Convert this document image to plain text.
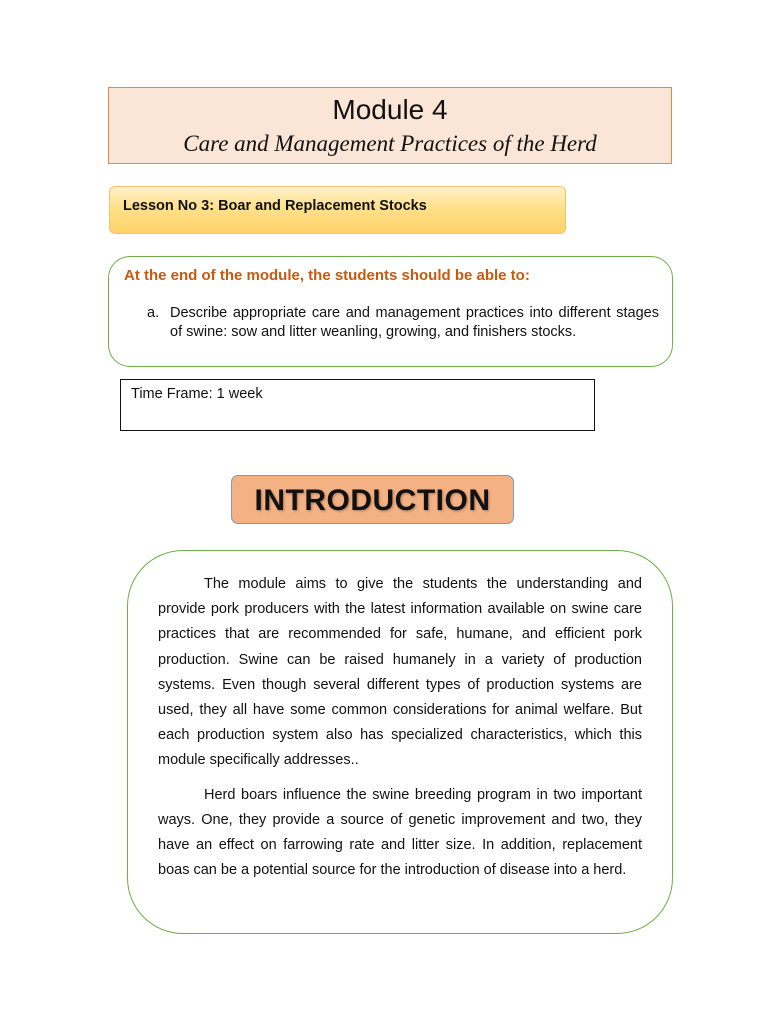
Module 4
Care and Management Practices of the Herd
Lesson No 3: Boar and Replacement Stocks
At the end of the module, the students should be able to:
a. Describe appropriate care and management practices into different stages of swine: sow and litter weanling, growing, and finishers stocks.
Time Frame: 1 week
INTRODUCTION

The module aims to give the students the understanding and provide pork producers with the latest information available on swine care practices that are recommended for safe, humane, and efficient pork production. Swine can be raised humanely in a variety of production systems. Even though several different types of production systems are used, they all have some common considerations for animal welfare. But each production system also has specialized characteristics, which this module specifically addresses..

Herd boars influence the swine breeding program in two important ways. One, they provide a source of genetic improvement and two, they have an effect on farrowing rate and litter size. In addition, replacement boas can be a potential source for the introduction of disease into a herd.
